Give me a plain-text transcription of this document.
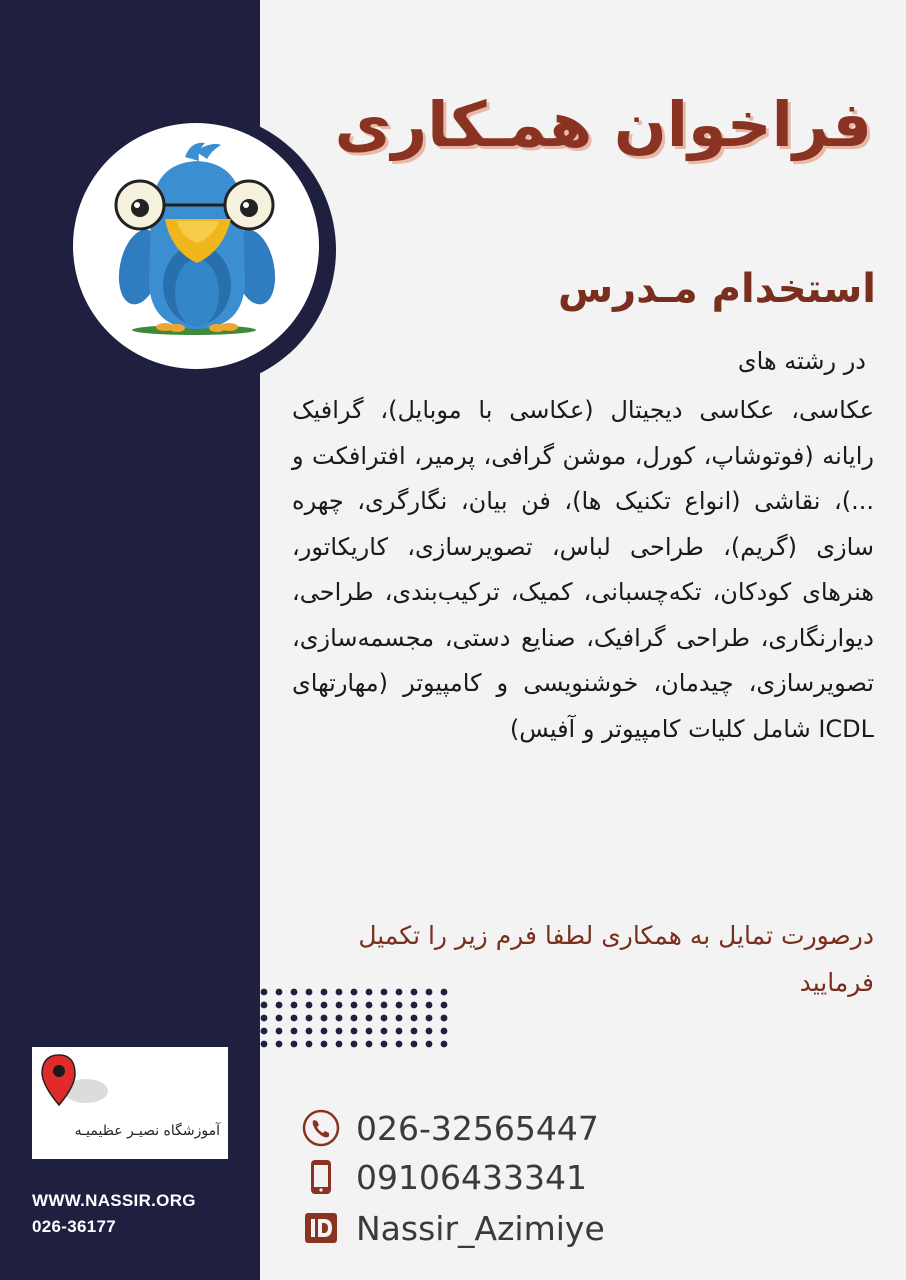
فراخوان همـکاری
استخدام مـدرس
در رشته های

عکاسی، عکاسی دیجیتال (عکاسی با موبایل)، گرافیک رایانه (فوتوشاپ، کورل، موشن گرافی، پرمیر، افترافکت و ...)، نقاشی (انواع تکنیک ها)، فن بیان، نگارگری، چهره سازی (گریم)، طراحی لباس، تصویرسازی، کاریکاتور، هنرهای کودکان، تکه‌چسبانی، کمیک، ترکیب‌بندی، طراحی، دیوارنگاری، طراحی گرافیک، صنایع دستی، مجسمه‌سازی، تصویرسازی، چیدمان، خوشنویسی و کامپیوتر (مهارتهای ICDL شامل کلیات کامپیوتر و آفیس)

درصورت تمایل به همکاری لطفا فرم زیر را تکمیل فرمایید

آموزشگاه نصیـر عظیمیـه
WWW.NASSIR.ORG
026-36177
026-32565447
09106433341
Nassir_Azimiye
